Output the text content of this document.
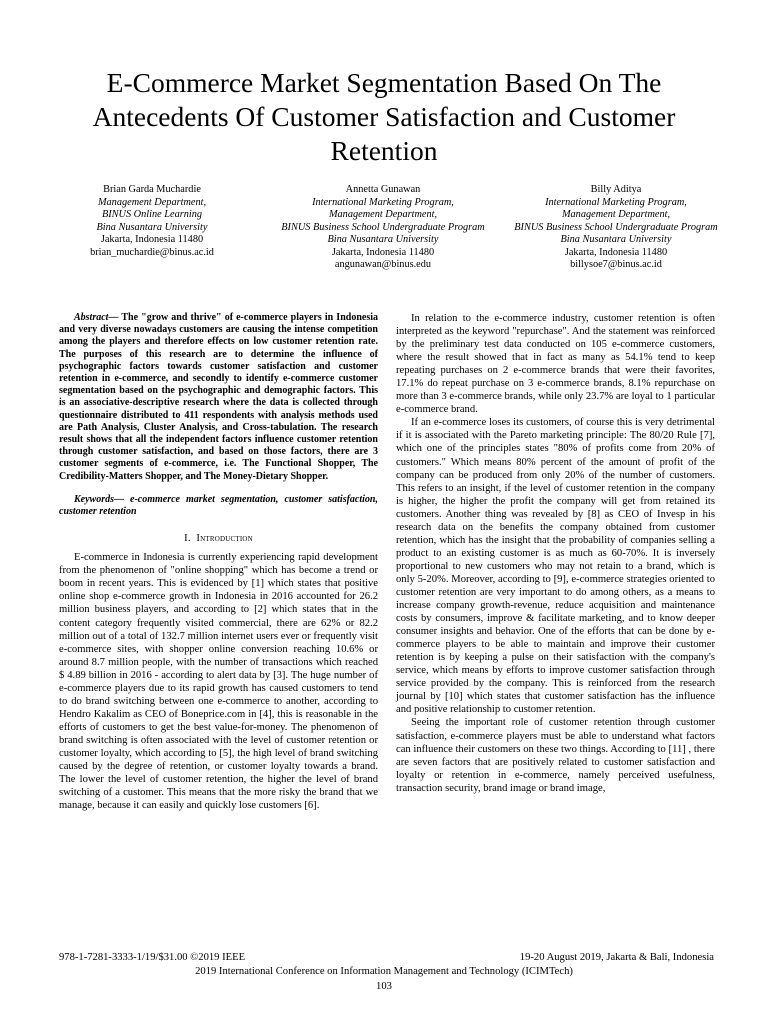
E-Commerce Market Segmentation Based On The Antecedents Of Customer Satisfaction and Customer Retention
Brian Garda Muchardie
Management Department,
BINUS Online Learning
Bina Nusantara University
Jakarta, Indonesia 11480
brian_muchardie@binus.ac.id
Annetta Gunawan
International Marketing Program,
Management Department,
BINUS Business School Undergraduate Program
Bina Nusantara University
Jakarta, Indonesia 11480
angunawan@binus.edu
Billy Aditya
International Marketing Program,
Management Department,
BINUS Business School Undergraduate Program
Bina Nusantara University
Jakarta, Indonesia 11480
billysoe7@binus.ac.id

Abstract— The "grow and thrive" of e-commerce players in Indonesia and very diverse nowadays customers are causing the intense competition among the players and therefore effects on low customer retention rate. The purposes of this research are to determine the influence of psychographic factors towards customer satisfaction and customer retention in e-commerce, and secondly to identify e-commerce customer segmentation based on the psychographic and demographic factors. This is an associative-descriptive research where the data is collected through questionnaire distributed to 411 respondents with analysis methods used are Path Analysis, Cluster Analysis, and Cross-tabulation. The research result shows that all the independent factors influence customer retention through customer satisfaction, and based on those factors, there are 3 customer segments of e-commerce, i.e. The Functional Shopper, The Credibility-Matters Shopper, and The Money-Dietary Shopper.

Keywords— e-commerce market segmentation, customer satisfaction, customer retention

I. Introduction

E-commerce in Indonesia is currently experiencing rapid development from the phenomenon of "online shopping" which has become a trend or boom in recent years. This is evidenced by [1] which states that positive online shop e-commerce growth in Indonesia in 2016 accounted for 26.2 million business players, and according to [2] which states that in the content category frequently visited commercial, there are 62% or 82.2 million out of a total of 132.7 million internet users ever or frequently visit e-commerce sites, with shopper online conversion reaching 10.6% or around 8.7 million people, with the number of transactions which reached $ 4.89 billion in 2016 - according to alert data by [3]. The huge number of e-commerce players due to its rapid growth has caused customers to tend to do brand switching between one e-commerce to another, according to Hendro Kakalim as CEO of Boneprice.com in [4], this is reasonable in the efforts of customers to get the best value-for-money. The phenomenon of brand switching is often associated with the level of customer retention or customer loyalty, which according to [5], the high level of brand switching caused by the degree of retention, or customer loyalty towards a brand. The lower the level of customer retention, the higher the level of brand switching of a customer. This means that the more risky the brand that we manage, because it can easily and quickly lose customers [6].

In relation to the e-commerce industry, customer retention is often interpreted as the keyword "repurchase". And the statement was reinforced by the preliminary test data conducted on 105 e-commerce customers, where the result showed that in fact as many as 54.1% tend to keep repeating purchases on 2 e-commerce brands that were their favorites, 17.1% do repeat purchase on 3 e-commerce brands, 8.1% repurchase on more than 3 e-commerce brands, while only 23.7% are loyal to 1 particular e-commerce brand.

If an e-commerce loses its customers, of course this is very detrimental if it is associated with the Pareto marketing principle: The 80/20 Rule [7], which one of the principles states "80% of profits come from 20% of customers." Which means 80% percent of the amount of profit of the company can be produced from only 20% of the number of customers. This refers to an insight, if the level of customer retention in the company is higher, the higher the profit the company will get from retained its customers. Another thing was revealed by [8] as CEO of Invesp in his research data on the benefits the company obtained from customer retention, which has the insight that the probability of companies selling a product to an existing customer is as much as 60-70%. It is inversely proportional to new customers who may not retain to a brand, which is only 5-20%. Moreover, according to [9], e-commerce strategies oriented to customer retention are very important to do among others, as a means to increase company growth-revenue, reduce acquisition and maintenance costs by consumers, improve & facilitate marketing, and to know deeper consumer insights and behavior. One of the efforts that can be done by e-commerce players to be able to maintain and improve their customer retention is by keeping a pulse on their satisfaction with the company's service, which means by efforts to improve customer satisfaction through service provided by the company. This is reinforced from the research journal by [10] which states that customer satisfaction has the influence and positive relationship to customer retention.

Seeing the important role of customer retention through customer satisfaction, e-commerce players must be able to understand what factors can influence their customers on these two things. According to [11] , there are seven factors that are positively related to customer satisfaction and loyalty or retention in e-commerce, namely perceived usefulness, transaction security, brand image or brand image,

978-1-7281-3333-1/19/$31.00 ©2019 IEEE	19-20 August 2019, Jakarta & Bali, Indonesia
2019 International Conference on Information Management and Technology (ICIMTech)
103
